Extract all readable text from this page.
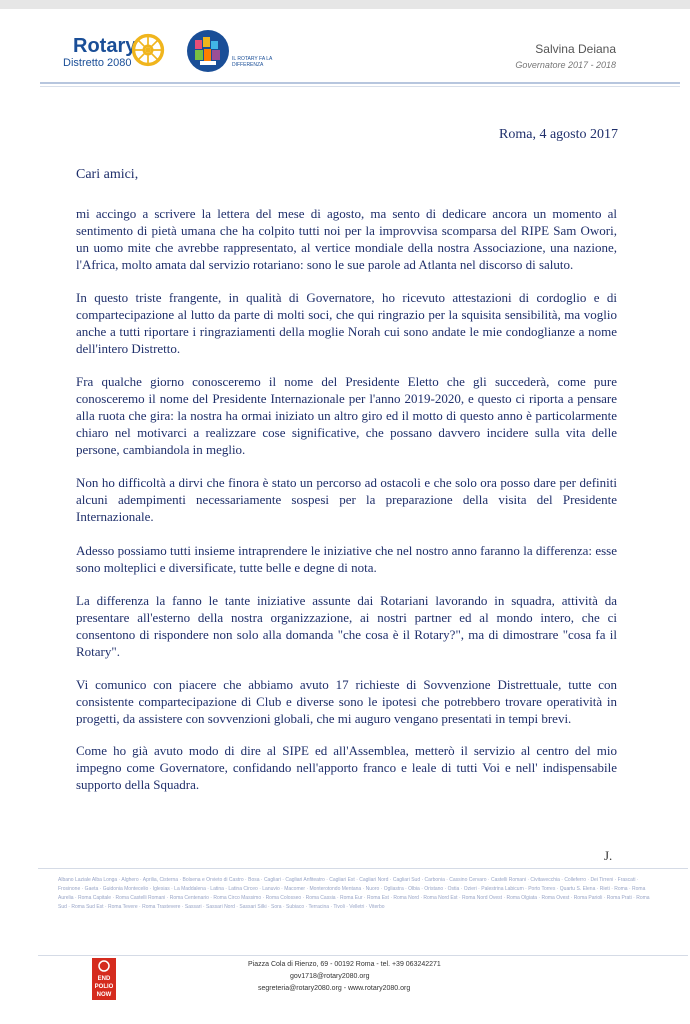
Rotary
Distretto 2080	IL ROTARY FA LA DIFFERENZA
Salvina Deiana
Governatore 2017 - 2018
Roma, 4 agosto 2017
Cari amici,

mi accingo a scrivere la lettera del mese di agosto, ma sento di dedicare ancora un momento al sentimento di pietà umana che ha colpito tutti noi per la improvvisa scomparsa del RIPE Sam Owori, un uomo mite che avrebbe rappresentato, al vertice mondiale della nostra Associazione, una nazione, l'Africa, molto amata dal servizio rotariano: sono le sue parole ad Atlanta nel discorso di saluto.

In questo triste frangente, in qualità di Governatore, ho ricevuto attestazioni di cordoglio e di compartecipazione al lutto da parte di molti soci, che qui ringrazio per la squisita sensibilità, ma voglio anche a tutti riportare i ringraziamenti della moglie Norah cui sono andate le mie condoglianze a nome dell'intero Distretto.

Fra qualche giorno conosceremo il nome del Presidente Eletto che gli succederà, come pure conosceremo il nome del Presidente Internazionale per l'anno 2019-2020, e questo ci riporta a pensare alla ruota che gira: la nostra ha ormai iniziato un altro giro ed il motto di questo anno è particolarmente chiaro nel motivarci a realizzare cose significative, che possano davvero incidere sulla vita delle persone, cambiandola in meglio.

Non ho difficoltà a dirvi che finora è stato un percorso ad ostacoli e che solo ora posso dare per definiti alcuni adempimenti necessariamente sospesi per la preparazione della visita del Presidente Internazionale.

Adesso possiamo tutti insieme intraprendere le iniziative che nel nostro anno faranno la differenza: esse sono molteplici e diversificate, tutte belle e degne di nota.

La differenza la fanno le tante iniziative assunte dai Rotariani lavorando in squadra, attività da presentare all'esterno della nostra organizzazione, ai nostri partner ed al mondo intero, che ci consentono di rispondere non solo alla domanda "che cosa è il Rotary?", ma di dimostrare "cosa fa il Rotary".

Vi comunico con piacere che abbiamo avuto 17 richieste di Sovvenzione Distrettuale, tutte con consistente compartecipazione di Club e diverse sono le ipotesi che potrebbero trovare operatività in progetti, da assistere con sovvenzioni globali, che mi auguro vengano presentati in tempi brevi.

Come ho già avuto modo di dire al SIPE ed all'Assemblea, metterò il servizio al centro del mio impegno come Governatore, confidando nell'apporto franco e leale di tutti Voi e nell' indispensabile supporto della Squadra.

J.

Albano Laziale Alba Longa · Alghero · Aprilia, Cisterna · Bolsena e Orvieto di Castro · Bosa · Cagliari · Cagliari Anfiteatro · Cagliari Est · Cagliari Nord · Cagliari Sud · Carbonia · Cassino Cervaro · Castelli Romani · Civitavecchia · Colleferro · Dei Tirreni · Frascati · Frosinone · Gaeta · Guidonia Montecelio · Iglesias · La Maddalena · Latina · Latina Circeo · Lanuvio · Macomer · Monterotondo Mentana · Nuoro · Ogliastra · Olbia · Oristano · Ostia · Ozieri · Palestrina Labicum · Porto Torres · Quartu S. Elena · Rieti · Roma · Roma Aurelia · Roma Capitale · Roma Castelli Romani · Roma Centenario · Roma Circo Massimo · Roma Colosseo · Roma Cassia · Roma Eur · Roma Est · Roma Nord · Roma Nord Est · Roma Nord Ovest · Roma Olgiata · Roma Ovest · Roma Parioli · Roma Prati · Roma Sud · Roma Sud Est · Roma Tevere · Roma Trastevere · Sassari · Sassari Nord · Sassari Silki · Sora · Subiaco · Terracina · Tivoli · Velletri · Viterbo

END
POLIO
NOW
Piazza Cola di Rienzo, 69 - 00192 Roma - tel. +39 063242271
gov1718@rotary2080.org
segreteria@rotary2080.org - www.rotary2080.org
